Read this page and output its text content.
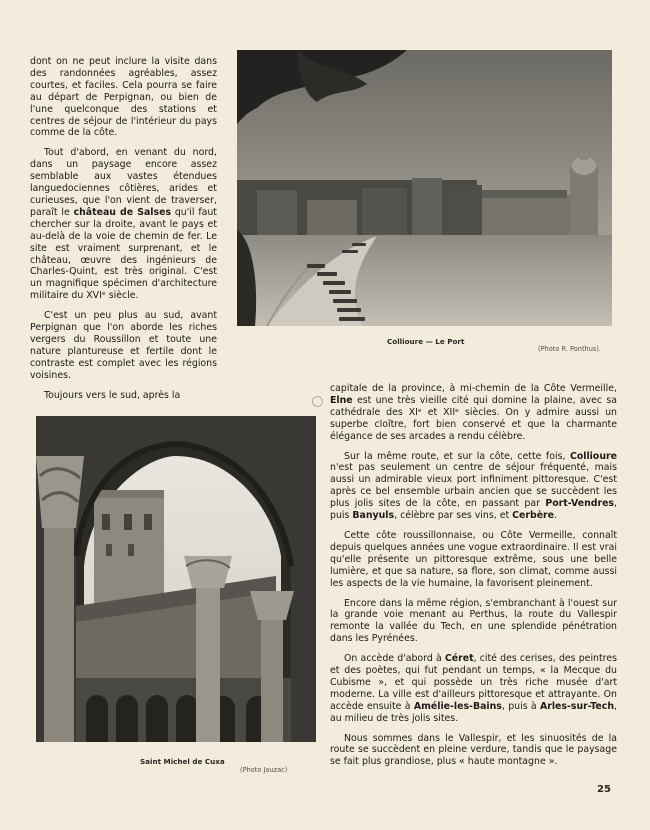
dont on ne peut inclure la visite dans des randonnées agréables, assez courtes, et faciles. Cela pourra se faire au départ de Perpignan, ou bien de l'une quelconque des stations et centres de séjour de l'intérieur du pays comme de la côte.

Tout d'abord, en venant du nord, dans un paysage encore assez semblable aux vastes étendues languedociennes côtières, arides et curieuses, que l'on vient de traverser, paraît le château de Salses qu'il faut chercher sur la droite, avant le pays et au-delà de la voie de chemin de fer. Le site est vraiment surprenant, et le château, œuvre des ingénieurs de Charles-Quint, est très original. C'est un magnifique spécimen d'architecture militaire du XVIᵉ siècle.

C'est un peu plus au sud, avant Perpignan que l'on aborde les riches vergers du Roussillon et toute une nature plantureuse et fertile dont le contraste est complet avec les régions voisines.

Toujours vers le sud, après la

Collioure — Le Port
(Photo R. Ponthus).
Saint Michel de Cuxa
(Photo Jauzac)

capitale de la province, à mi-chemin de la Côte Vermeille, Elne est une très vieille cité qui domine la plaine, avec sa cathédrale des XIᵉ et XIIᵉ siècles. On y admire aussi un superbe cloître, fort bien conservé et que la charmante élégance de ses arcades a rendu célèbre.

Sur la même route, et sur la côte, cette fois, Collioure n'est pas seulement un centre de séjour fréquenté, mais aussi un admirable vieux port infiniment pittoresque. C'est après ce bel ensemble urbain ancien que se succèdent les plus jolis sites de la côte, en passant par Port-Vendres, puis Banyuls, célèbre par ses vins, et Cerbère.

Cette côte roussillonnaise, ou Côte Vermeille, connaît depuis quelques années une vogue extraordinaire. Il est vrai qu'elle présente un pittoresque extrême, sous une belle lumière, et que sa nature, sa flore, son climat, comme aussi les aspects de la vie humaine, la favorisent pleinement.

Encore dans la même région, s'embranchant à l'ouest sur la grande voie menant au Perthus, la route du Vallespir remonte la vallée du Tech, en une splendide pénétration dans les Pyrénées.

On accède d'abord à Céret, cité des cerises, des peintres et des poètes, qui fut pendant un temps, « la Mecque du Cubisme », et qui possède un très riche musée d'art moderne. La ville est d'ailleurs pittoresque et attrayante. On accède ensuite à Amélie-les-Bains, puis à Arles-sur-Tech, au milieu de très jolis sites.

Nous sommes dans le Vallespir, et les sinuosités de la route se succèdent en pleine verdure, tandis que le paysage se fait plus grandiose, plus « haute montagne ».

25
